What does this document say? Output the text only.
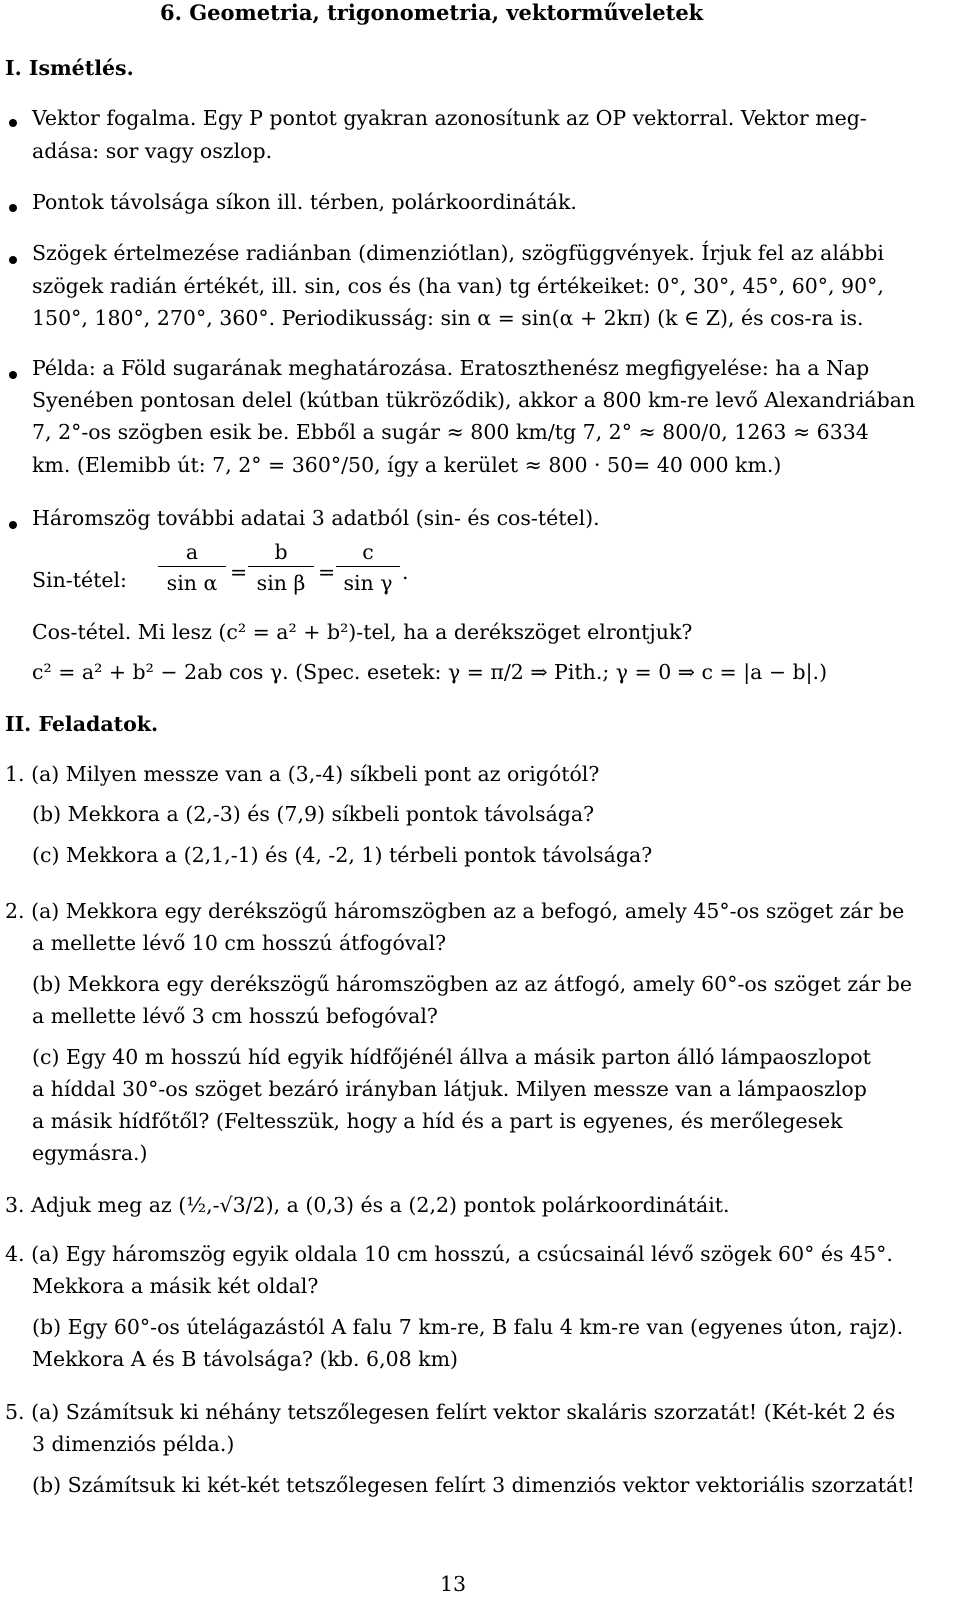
6. Geometria, trigonometria, vektorműveletek
I. Ismétlés.
Vektor fogalma. Egy P pontot gyakran azonosítunk az OP vektorral. Vektor meg-
adása: sor vagy oszlop.
Pontok távolsága síkon ill. térben, polárkoordináták.
Szögek értelmezése radiánban (dimenziótlan), szögfüggvények. Írjuk fel az alábbi
szögek radián értékét, ill. sin, cos és (ha van) tg értékeiket: 0°, 30°, 45°, 60°, 90°,
150°, 180°, 270°, 360°. Periodikusság: sin α = sin(α + 2kπ) (k ∈ Z), és cos-ra is.
Példa: a Föld sugarának meghatározása. Eratoszthenész megfigyelése: ha a Nap
Syenében pontosan delel (kútban tükröződik), akkor a 800 km-re levő Alexandriában
7, 2°-os szögben esik be. Ebből a sugár ≈ 800 km/tg 7, 2° ≈ 800/0, 1263 ≈ 6334
km. (Elemibb út: 7, 2° = 360°/50, így a kerület ≈ 800 · 50= 40 000 km.)
Háromszög további adatai 3 adatból (sin- és cos-tétel).
Sin-tétel: $\frac{a}{\text{sin α}} = \frac{b}{\text{sin β}} = \frac{c}{\text{sin γ}}$ .
Cos-tétel. Mi lesz (c² = a² + b²)-tel, ha a derékszöget elrontjuk?
c² = a² + b² − 2ab cos γ. (Spec. esetek: γ = π/2 ⇒ Pith.; γ = 0 ⇒ c = |a − b|.)
II. Feladatok.
1. (a) Milyen messze van a (3,-4) síkbeli pont az origótól?
(b) Mekkora a (2,-3) és (7,9) síkbeli pontok távolsága?
(c) Mekkora a (2,1,-1) és (4, -2, 1) térbeli pontok távolsága?
2. (a) Mekkora egy derékszögű háromszögben az a befogó, amely 45°-os szöget zár be
a mellette lévő 10 cm hosszú átfogóval?
(b) Mekkora egy derékszögű háromszögben az az átfogó, amely 60°-os szöget zár be
a mellette lévő 3 cm hosszú befogóval?
(c) Egy 40 m hosszú híd egyik hídfőjénél állva a másik parton álló lámpaoszlopot
a híddal 30°-os szöget bezáró irányban látjuk. Milyen messze van a lámpaoszlop
a másik hídfőtől? (Feltesszük, hogy a híd és a part is egyenes, és merőlegesek
egymásra.)
3. Adjuk meg az (½,-√3/2), a (0,3) és a (2,2) pontok polárkoordinátáit.
4. (a) Egy háromszög egyik oldala 10 cm hosszú, a csúcsainál lévő szögek 60° és 45°.
Mekkora a másik két oldal?
(b) Egy 60°-os útelágazástól A falu 7 km-re, B falu 4 km-re van (egyenes úton, rajz).
Mekkora A és B távolsága? (kb. 6,08 km)
5. (a) Számítsuk ki néhány tetszőlegesen felírt vektor skaláris szorzatát! (Két-két 2 és
3 dimenziós példa.)
(b) Számítsuk ki két-két tetszőlegesen felírt 3 dimenziós vektor vektoriális szorzatát!
13
